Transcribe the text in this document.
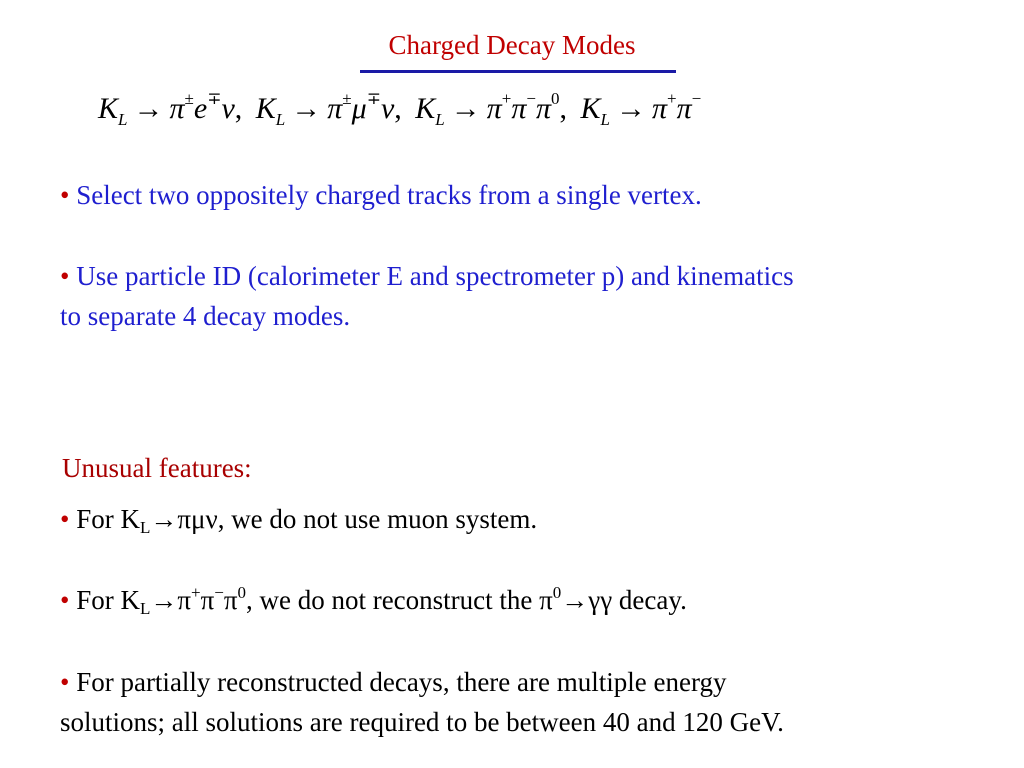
Charged Decay Modes
$K_L \to \pi^\pm e^\mp\nu$, $K_L \to \pi^\pm\mu^\mp\nu$, $K_L \to \pi^+\pi^-\pi^0$, $K_L \to \pi^+\pi^-$
• Select two oppositely charged tracks from a single vertex.
• Use particle ID (calorimeter E and spectrometer p) and kinematics
to separate 4 decay modes.
Unusual features:
• For $K_L\to\pi\mu\nu$, we do not use muon system.
• For $K_L\to\pi^+\pi^-\pi^0$, we do not reconstruct the $\pi^0\to\gamma\gamma$ decay.
• For partially reconstructed decays, there are multiple energy
solutions; all solutions are required to be between 40 and 120 GeV.
